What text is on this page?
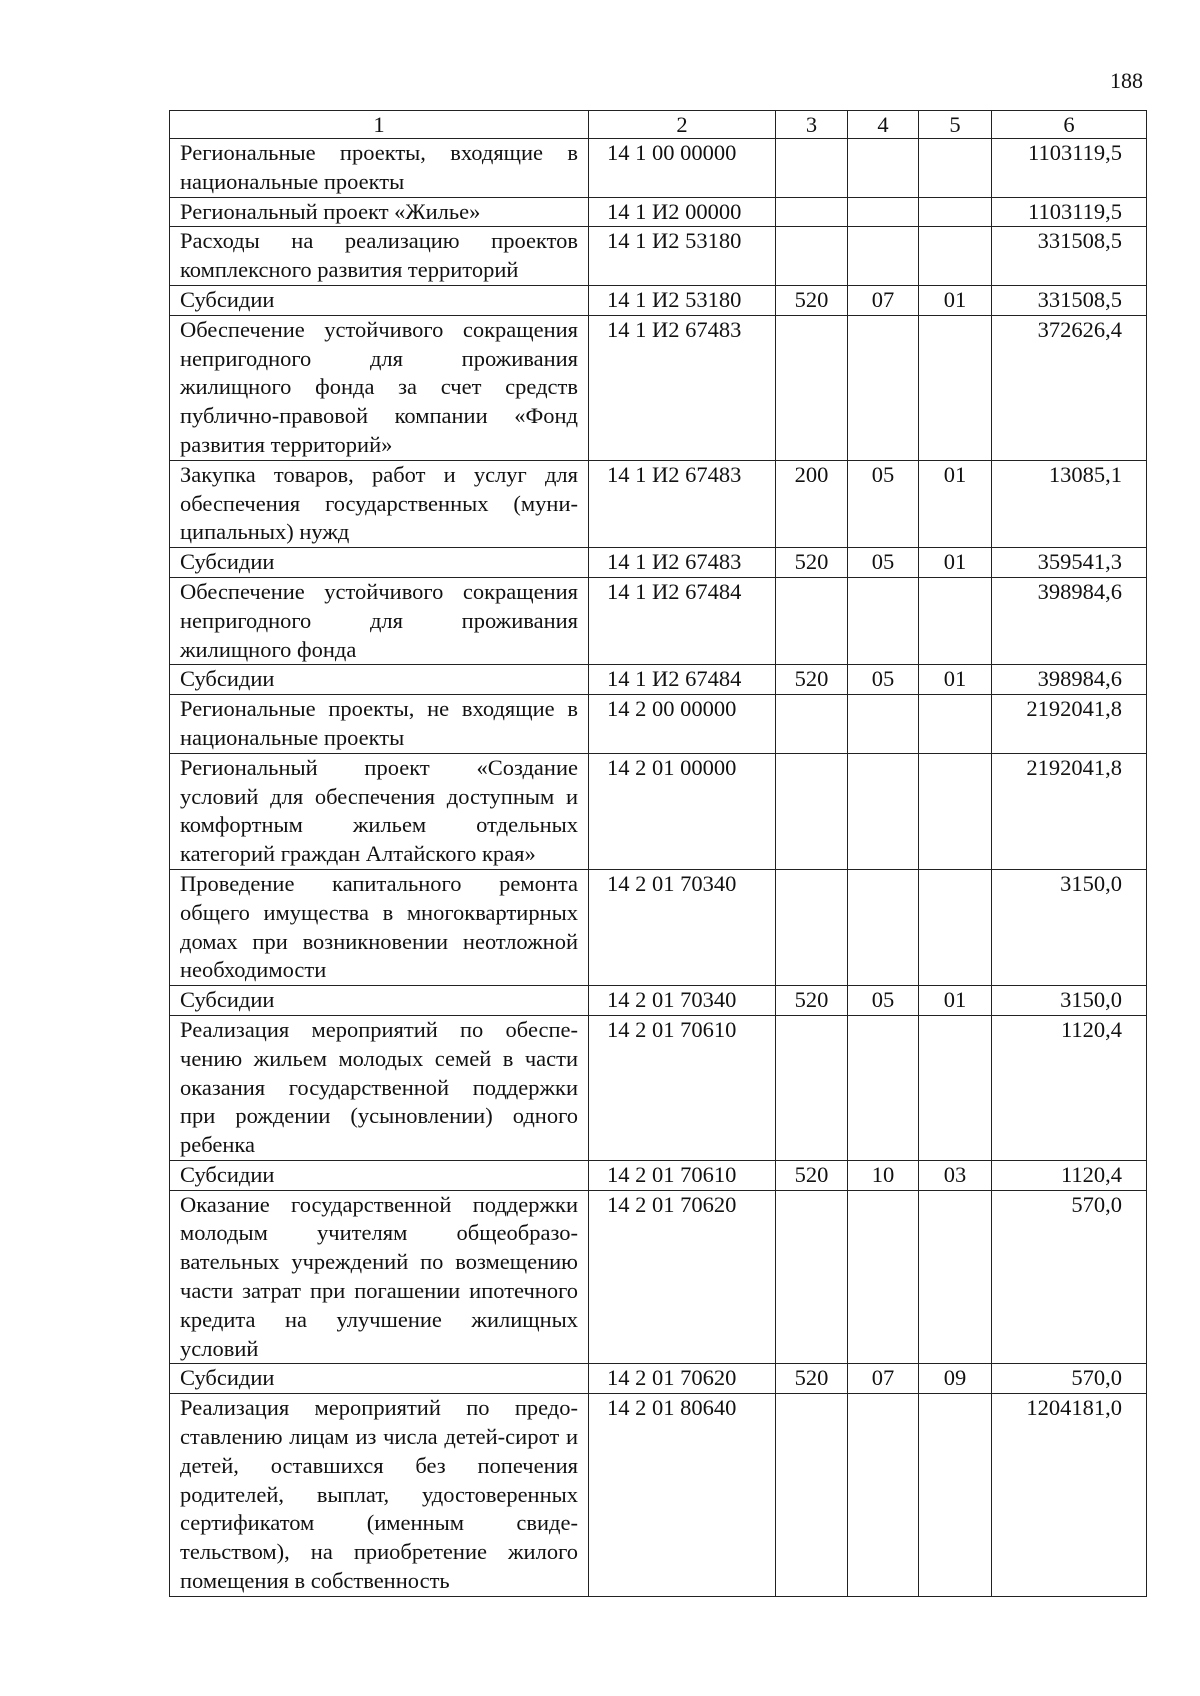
188
1	2	3	4	5	6
Региональные проекты, входящие в национальные проекты	14 1 00 00000				1103119,5
Региональный проект «Жилье»	14 1 И2 00000				1103119,5
Расходы на реализацию проектов комплексного развития территорий	14 1 И2 53180				331508,5
Субсидии	14 1 И2 53180	520	07	01	331508,5
Обеспечение устойчивого сокращения непригодного для проживания жилищного фонда за счет средств публично-правовой компании «Фонд развития территорий»	14 1 И2 67483				372626,4
Закупка товаров, работ и услуг для обеспечения государственных (муниципальных) нужд	14 1 И2 67483	200	05	01	13085,1
Субсидии	14 1 И2 67483	520	05	01	359541,3
Обеспечение устойчивого сокращения непригодного для проживания жилищного фонда	14 1 И2 67484				398984,6
Субсидии	14 1 И2 67484	520	05	01	398984,6
Региональные проекты, не входящие в национальные проекты	14 2 00 00000				2192041,8
Региональный проект «Создание условий для обеспечения доступным и комфортным жильем отдельных категорий граждан Алтайского края»	14 2 01 00000				2192041,8
Проведение капитального ремонта общего имущества в многоквартирных домах при возникновении неотложной необходимости	14 2 01 70340				3150,0
Субсидии	14 2 01 70340	520	05	01	3150,0
Реализация мероприятий по обеспечению жильем молодых семей в части оказания государственной поддержки при рождении (усыновлении) одного ребенка	14 2 01 70610				1120,4
Субсидии	14 2 01 70610	520	10	03	1120,4
Оказание государственной поддержки молодым учителям общеобразовательных учреждений по возмещению части затрат при погашении ипотечного кредита на улучшение жилищных условий	14 2 01 70620				570,0
Субсидии	14 2 01 70620	520	07	09	570,0
Реализация мероприятий по предоставлению лицам из числа детей-сирот и детей, оставшихся без попечения родителей, выплат, удостоверенных сертификатом (именным свидетельством), на приобретение жилого помещения в собственность	14 2 01 80640				1204181,0
